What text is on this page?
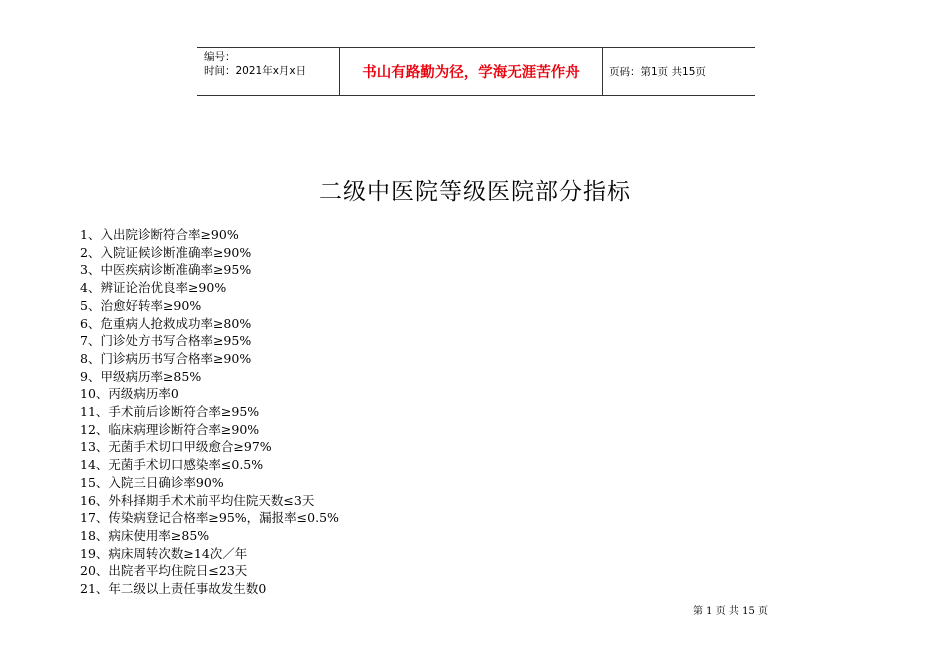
编号：
时间：2021年x月x日	书山有路勤为径，学海无涯苦作舟	页码：第1页 共15页
二级中医院等级医院部分指标
1、入出院诊断符合率≥90%
2、入院证候诊断准确率≥90%
3、中医疾病诊断准确率≥95%
4、辨证论治优良率≥90%
5、治愈好转率≥90%
6、危重病人抢救成功率≥80%
7、门诊处方书写合格率≥95%
8、门诊病历书写合格率≥90%
9、甲级病历率≥85%
10、丙级病历率0
11、手术前后诊断符合率≥95%
12、临床病理诊断符合率≥90%
13、无菌手术切口甲级愈合≥97%
14、无菌手术切口感染率≤0.5%
15、入院三日确诊率90%
16、外科择期手术术前平均住院天数≤3天
17、传染病登记合格率≥95%，漏报率≤0.5%
18、病床使用率≥85%
19、病床周转次数≥14次／年
20、出院者平均住院日≤23天
21、年二级以上责任事故发生数0
第 1 页 共 15 页
